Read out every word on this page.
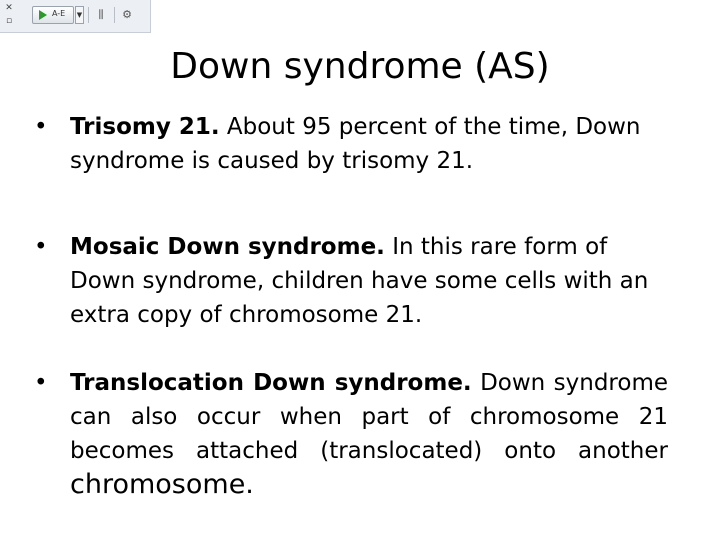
✕
▫
A-E ▼	⫼	⚙
Down syndrome (AS)
• Trisomy 21. About 95 percent of the time, Down syndrome is caused by trisomy 21.
• Mosaic Down syndrome. In this rare form of Down syndrome, children have some cells with an extra copy of chromosome 21.
• Translocation Down syndrome. Down syndrome can also occur when part of chromosome 21 becomes attached (translocated) onto another chromosome.
